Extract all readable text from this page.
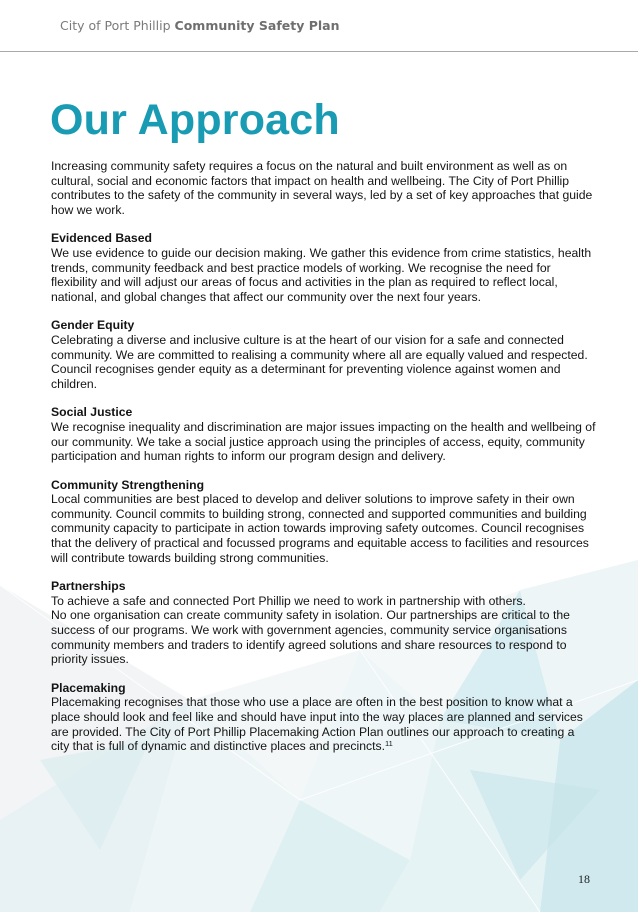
City of Port Phillip Community Safety Plan
Our Approach

Increasing community safety requires a focus on the natural and built environment as well as on cultural, social and economic factors that impact on health and wellbeing. The City of Port Phillip contributes to the safety of the community in several ways, led by a set of key approaches that guide how we work.

Evidenced Based

We use evidence to guide our decision making. We gather this evidence from crime statistics, health trends, community feedback and best practice models of working. We recognise the need for flexibility and will adjust our areas of focus and activities in the plan as required to reflect local, national, and global changes that affect our community over the next four years.

Gender Equity

Celebrating a diverse and inclusive culture is at the heart of our vision for a safe and connected community. We are committed to realising a community where all are equally valued and respected. Council recognises gender equity as a determinant for preventing violence against women and children.

Social Justice

We recognise inequality and discrimination are major issues impacting on the health and wellbeing of our community. We take a social justice approach using the principles of access, equity, community participation and human rights to inform our program design and delivery.

Community Strengthening

Local communities are best placed to develop and deliver solutions to improve safety in their own community. Council commits to building strong, connected and supported communities and building community capacity to participate in action towards improving safety outcomes. Council recognises that the delivery of practical and focussed programs and equitable access to facilities and resources will contribute towards building strong communities.

Partnerships

To achieve a safe and connected Port Phillip we need to work in partnership with others.

No one organisation can create community safety in isolation. Our partnerships are critical to the success of our programs. We work with government agencies, community service organisations community members and traders to identify agreed solutions and share resources to respond to priority issues.

Placemaking

Placemaking recognises that those who use a place are often in the best position to know what a place should look and feel like and should have input into the way places are planned and services are provided. The City of Port Phillip Placemaking Action Plan outlines our approach to creating a city that is full of dynamic and distinctive places and precincts.$^{11}$

18
